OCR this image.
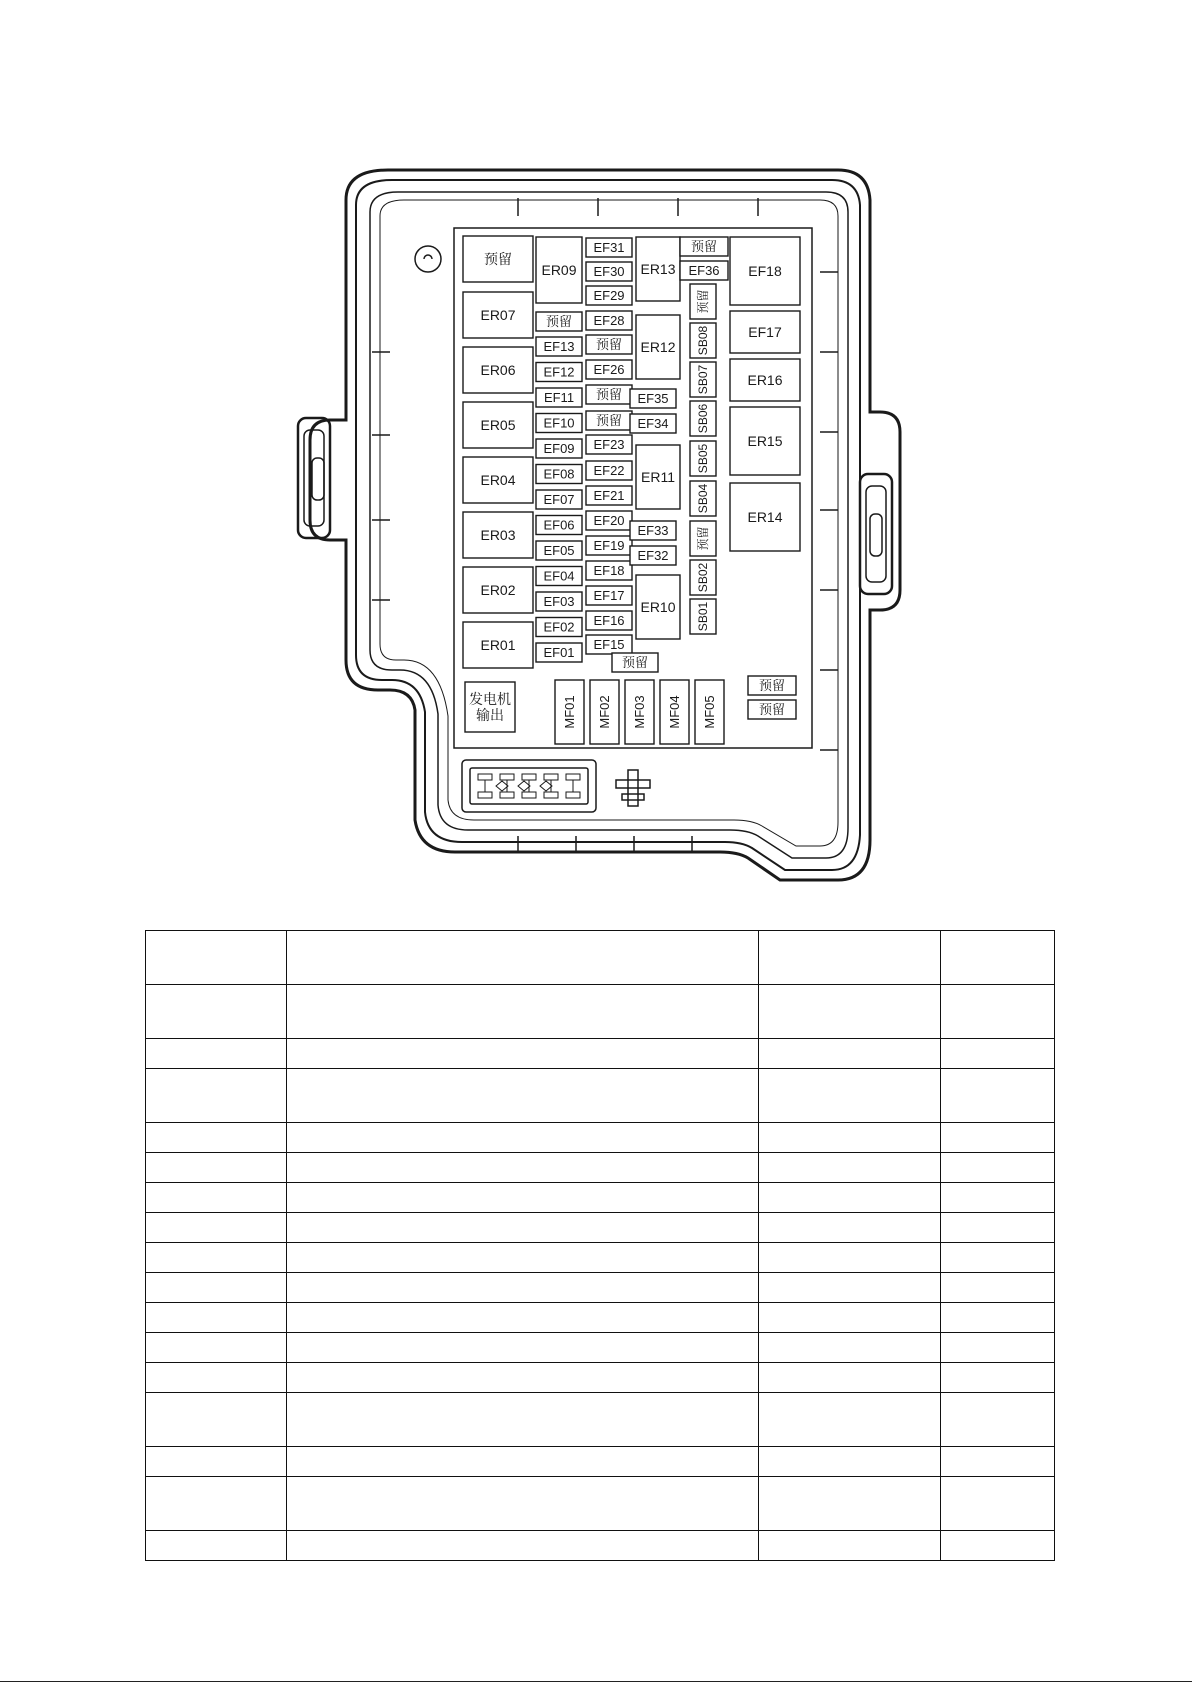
预留
ER07
ER06
ER05
ER04
ER03
ER02
ER01
预留
EF13
EF12
EF11
EF10
EF09
EF08
EF07
EF06
EF05
EF04
EF03
EF02
EF01
ER09
EF31
EF30
EF29
EF28
EF26
EF23
EF22
EF21
EF20
EF19
EF18
EF17
EF16
EF15
预留
预留
预留
ER13
ER12
ER11
ER10
EF35
EF34
EF33
EF32
预留
EF36
预留
SB08
SB07
SB06
SB05
SB04
预留
SB02
SB01
EF18
EF17
ER16
ER15
ER14
预留
发电机
输出	MF01 MF02 MF03 MF04 MF05
预留
预留
